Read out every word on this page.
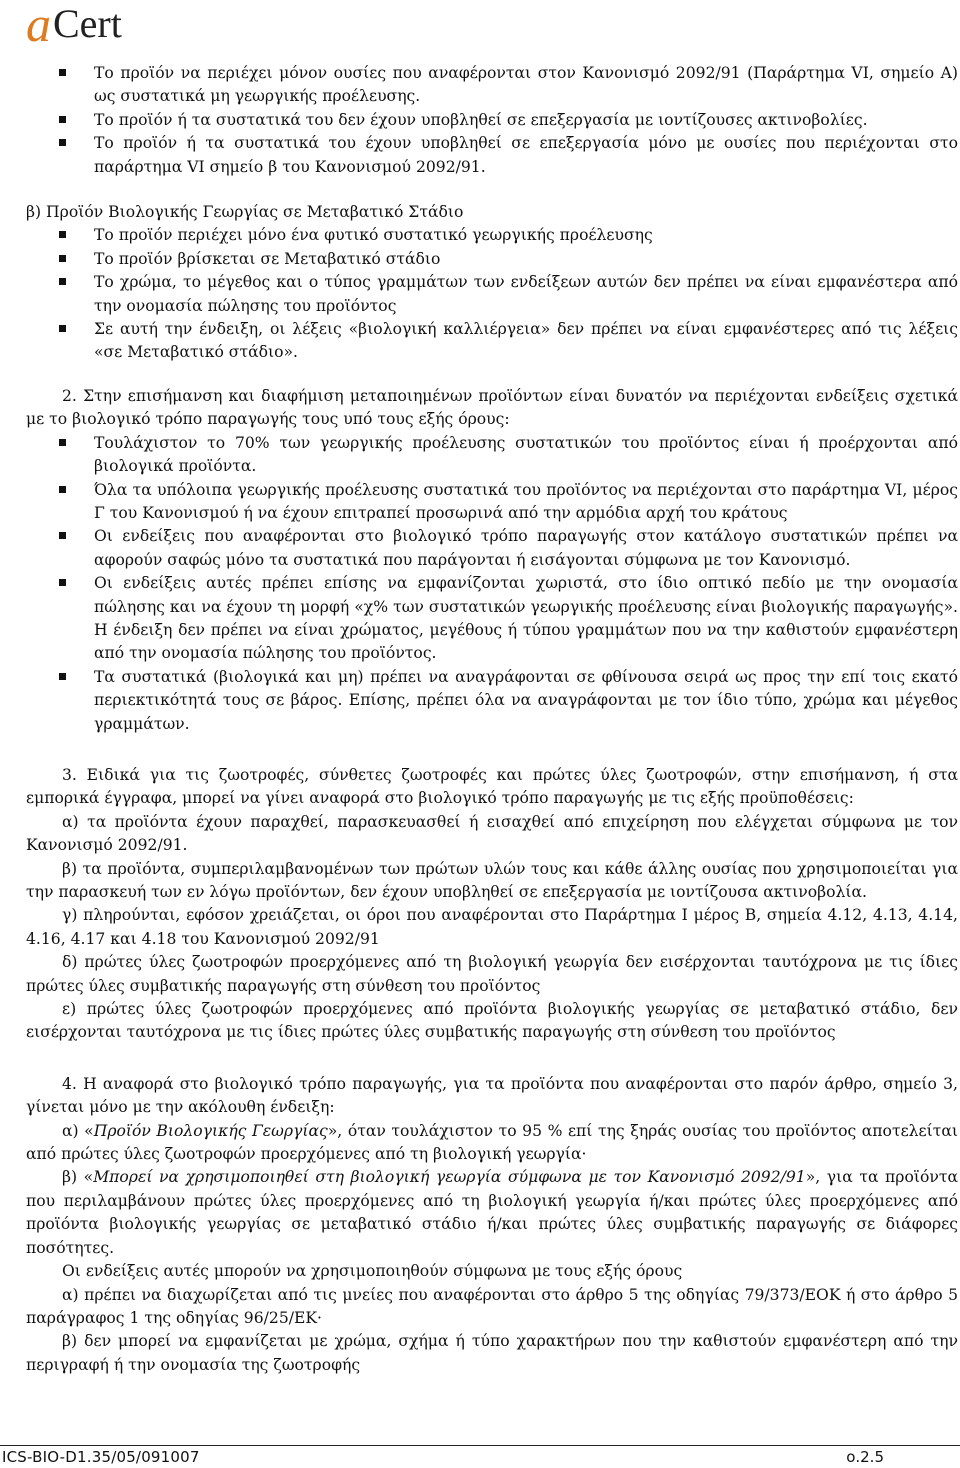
a Cert
Το προϊόν να περιέχει μόνον ουσίες που αναφέρονται στον Κανονισμό 2092/91 (Παράρτημα VI, σημείο Α) ως συστατικά μη γεωργικής προέλευσης.
Το προϊόν ή τα συστατικά του δεν έχουν υποβληθεί σε επεξεργασία με ιοντίζουσες ακτινοβολίες.
Το προϊόν ή τα συστατικά του έχουν υποβληθεί σε επεξεργασία μόνο με ουσίες που περιέχονται στο παράρτημα VI σημείο β του Κανονισμού 2092/91.

β) Προϊόν Βιολογικής Γεωργίας σε Μεταβατικό Στάδιο

Το προϊόν περιέχει μόνο ένα φυτικό συστατικό γεωργικής προέλευσης
Το προϊόν βρίσκεται σε Μεταβατικό στάδιο
Το χρώμα, το μέγεθος και ο τύπος γραμμάτων των ενδείξεων αυτών δεν πρέπει να είναι εμφανέστερα από την ονομασία πώλησης του προϊόντος
Σε αυτή την ένδειξη, οι λέξεις «βιολογική καλλιέργεια» δεν πρέπει να είναι εμφανέστερες από τις λέξεις «σε Μεταβατικό στάδιο».

2. Στην επισήμανση και διαφήμιση μεταποιημένων προϊόντων είναι δυνατόν να περιέχονται ενδείξεις σχετικά με το βιολογικό τρόπο παραγωγής τους υπό τους εξής όρους:

Τουλάχιστον το 70% των γεωργικής προέλευσης συστατικών του προϊόντος είναι ή προέρχονται από βιολογικά προϊόντα.
Όλα τα υπόλοιπα γεωργικής προέλευσης συστατικά του προϊόντος να περιέχονται στο παράρτημα VI, μέρος Γ του Κανονισμού ή να έχουν επιτραπεί προσωρινά από την αρμόδια αρχή του κράτους
Οι ενδείξεις που αναφέρονται στο βιολογικό τρόπο παραγωγής στον κατάλογο συστατικών πρέπει να αφορούν σαφώς μόνο τα συστατικά που παράγονται ή εισάγονται σύμφωνα με τον Κανονισμό.
Οι ενδείξεις αυτές πρέπει επίσης να εμφανίζονται χωριστά, στο ίδιο οπτικό πεδίο με την ονομασία πώλησης και να έχουν τη μορφή «χ% των συστατικών γεωργικής προέλευσης είναι βιολογικής παραγωγής». Η ένδειξη δεν πρέπει να είναι χρώματος, μεγέθους ή τύπου γραμμάτων που να την καθιστούν εμφανέστερη από την ονομασία πώλησης του προϊόντος.
Τα συστατικά (βιολογικά και μη) πρέπει να αναγράφονται σε φθίνουσα σειρά ως προς την επί τοις εκατό περιεκτικότητά τους σε βάρος. Επίσης, πρέπει όλα να αναγράφονται με τον ίδιο τύπο, χρώμα και μέγεθος γραμμάτων.

3. Ειδικά για τις ζωοτροφές, σύνθετες ζωοτροφές και πρώτες ύλες ζωοτροφών, στην επισήμανση, ή στα εμπορικά έγγραφα, μπορεί να γίνει αναφορά στο βιολογικό τρόπο παραγωγής με τις εξής προϋποθέσεις:

α) τα προϊόντα έχουν παραχθεί, παρασκευασθεί ή εισαχθεί από επιχείρηση που ελέγχεται σύμφωνα με τον Κανονισμό 2092/91.

β) τα προϊόντα, συμπεριλαμβανομένων των πρώτων υλών τους και κάθε άλλης ουσίας που χρησιμοποιείται για την παρασκευή των εν λόγω προϊόντων, δεν έχουν υποβληθεί σε επεξεργασία με ιοντίζουσα ακτινοβολία.

γ) πληρούνται, εφόσον χρειάζεται, οι όροι που αναφέρονται στο Παράρτημα Ι μέρος Β, σημεία 4.12, 4.13, 4.14, 4.16, 4.17 και 4.18 του Κανονισμού 2092/91

δ) πρώτες ύλες ζωοτροφών προερχόμενες από τη βιολογική γεωργία δεν εισέρχονται ταυτόχρονα με τις ίδιες πρώτες ύλες συμβατικής παραγωγής στη σύνθεση του προϊόντος

ε) πρώτες ύλες ζωοτροφών προερχόμενες από προϊόντα βιολογικής γεωργίας σε μεταβατικό στάδιο, δεν εισέρχονται ταυτόχρονα με τις ίδιες πρώτες ύλες συμβατικής παραγωγής στη σύνθεση του προϊόντος

4. Η αναφορά στο βιολογικό τρόπο παραγωγής, για τα προϊόντα που αναφέρονται στο παρόν άρθρο, σημείο 3, γίνεται μόνο με την ακόλουθη ένδειξη:

α) «Προϊόν Βιολογικής Γεωργίας», όταν τουλάχιστον το 95 % επί της ξηράς ουσίας του προϊόντος αποτελείται από πρώτες ύλες ζωοτροφών προερχόμενες από τη βιολογική γεωργία·

β) «Μπορεί να χρησιμοποιηθεί στη βιολογική γεωργία σύμφωνα με τον Κανονισμό 2092/91», για τα προϊόντα που περιλαμβάνουν πρώτες ύλες προερχόμενες από τη βιολογική γεωργία ή/και πρώτες ύλες προερχόμενες από προϊόντα βιολογικής γεωργίας σε μεταβατικό στάδιο ή/και πρώτες ύλες συμβατικής παραγωγής σε διάφορες ποσότητες.

Οι ενδείξεις αυτές μπορούν να χρησιμοποιηθούν σύμφωνα με τους εξής όρους

α) πρέπει να διαχωρίζεται από τις μνείες που αναφέρονται στο άρθρο 5 της οδηγίας 79/373/ΕΟΚ ή στο άρθρο 5 παράγραφος 1 της οδηγίας 96/25/ΕΚ·

β) δεν μπορεί να εμφανίζεται με χρώμα, σχήμα ή τύπο χαρακτήρων που την καθιστούν εμφανέστερη από την περιγραφή ή την ονομασία της ζωοτροφής

ICS-BIO-D1.35/05/091007	ο.2.5
